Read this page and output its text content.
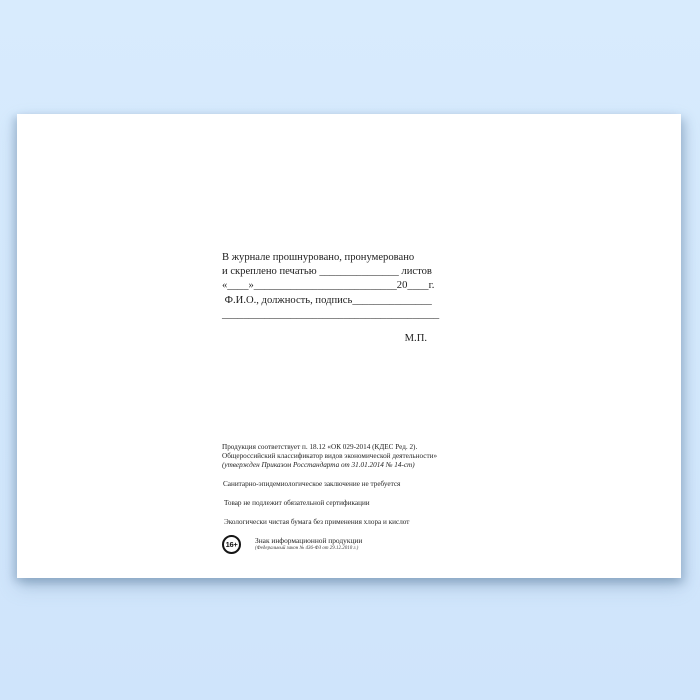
В журнале прошнуровано, пронумеровано
и скреплено печатью _______________ листов
«____»___________________________20____г.
Ф.И.О., должность, подпись_______________
_________________________________________
М.П.
Продукция соответствует п. 18.12 «ОК 029-2014 (КДЕС Ред. 2).
Общероссийский классификатор видов экономической деятельности»
(утвержден Приказом Росстандарта от 31.01.2014 № 14-ст)
Санитарно-эпидемиологическое заключение не требуется
Товар не подлежит обязательной сертификации
Экологически чистая бумага без применения хлора и кислот
16+	Знак информационной продукции
(Федеральный закон № 436-ФЗ от 29.12.2010 г.)
